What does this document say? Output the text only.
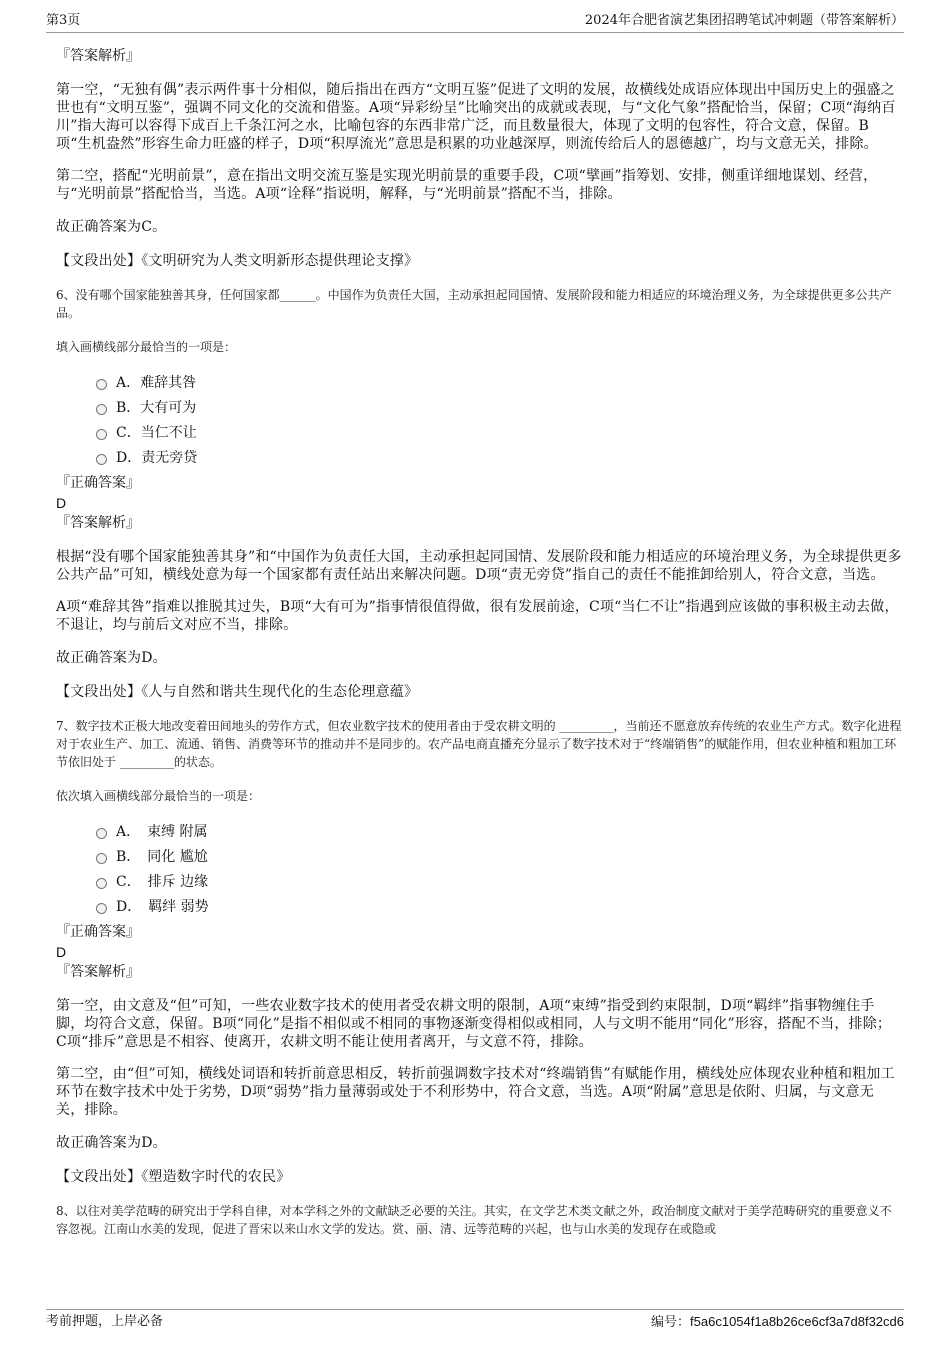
第3页	2024年合肥省演艺集团招聘笔试冲刺题（带答案解析）

『答案解析』

第一空，“无独有偶”表示两件事十分相似，随后指出在西方“文明互鉴”促进了文明的发展，故横线处成语应体现出中国历史上的强盛之世也有“文明互鉴”，强调不同文化的交流和借鉴。A项“异彩纷呈”比喻突出的成就或表现，与“文化气象”搭配恰当，保留；C项“海纳百川”指大海可以容得下成百上千条江河之水，比喻包容的东西非常广泛，而且数量很大，体现了文明的包容性，符合文意，保留。B项“生机盎然”形容生命力旺盛的样子，D项“积厚流光”意思是积累的功业越深厚，则流传给后人的恩德越广，均与文意无关，排除。

第二空，搭配“光明前景”，意在指出文明交流互鉴是实现光明前景的重要手段，C项“擘画”指筹划、安排，侧重详细地谋划、经营，与“光明前景”搭配恰当，当选。A项“诠释”指说明，解释，与“光明前景”搭配不当，排除。

故正确答案为C。

【文段出处】《文明研究为人类文明新形态提供理论支撑》

6、没有哪个国家能独善其身，任何国家都______。中国作为负责任大国，主动承担起同国情、发展阶段和能力相适应的环境治理义务，为全球提供更多公共产品。

填入画横线部分最恰当的一项是：

A．难辞其咎
B．大有可为
C．当仁不让
D．责无旁贷

『正确答案』

D

『答案解析』

根据“没有哪个国家能独善其身”和“中国作为负责任大国，主动承担起同国情、发展阶段和能力相适应的环境治理义务，为全球提供更多公共产品”可知，横线处意为每一个国家都有责任站出来解决问题。D项“责无旁贷”指自己的责任不能推卸给别人，符合文意，当选。

A项“难辞其咎”指难以推脱其过失，B项“大有可为”指事情很值得做，很有发展前途，C项“当仁不让”指遇到应该做的事积极主动去做，不退让，均与前后文对应不当，排除。

故正确答案为D。

【文段出处】《人与自然和谐共生现代化的生态伦理意蕴》

7、数字技术正极大地改变着田间地头的劳作方式，但农业数字技术的使用者由于受农耕文明的 _________，当前还不愿意放弃传统的农业生产方式。数字化进程对于农业生产、加工、流通、销售、消费等环节的推动并不是同步的。农产品电商直播充分显示了数字技术对于“终端销售”的赋能作用，但农业种植和粗加工环节依旧处于 _________的状态。

依次填入画横线部分最恰当的一项是：

A．　束缚 附属
B．　同化 尴尬
C．　排斥 边缘
D．　羁绊 弱势

『正确答案』

D

『答案解析』

第一空，由文意及“但”可知，一些农业数字技术的使用者受农耕文明的限制，A项“束缚”指受到约束限制，D项“羁绊”指事物缠住手脚，均符合文意，保留。B项“同化”是指不相似或不相同的事物逐渐变得相似或相同，人与文明不能用“同化”形容，搭配不当，排除；C项“排斥”意思是不相容、使离开，农耕文明不能让使用者离开，与文意不符，排除。

第二空，由“但”可知，横线处词语和转折前意思相反，转折前强调数字技术对“终端销售”有赋能作用，横线处应体现农业种植和粗加工环节在数字技术中处于劣势，D项“弱势”指力量薄弱或处于不利形势中，符合文意，当选。A项“附属”意思是依附、归属，与文意无关，排除。

故正确答案为D。

【文段出处】《塑造数字时代的农民》

8、以往对美学范畴的研究出于学科自律，对本学科之外的文献缺乏必要的关注。其实，在文学艺术类文献之外，政治制度文献对于美学范畴研究的重要意义不容忽视。江南山水美的发现，促进了晋宋以来山水文学的发达。赏、丽、清、远等范畴的兴起，也与山水美的发现存在或隐或

考前押题，上岸必备	编号：f5a6c1054f1a8b26ce6cf3a7d8f32cd6
